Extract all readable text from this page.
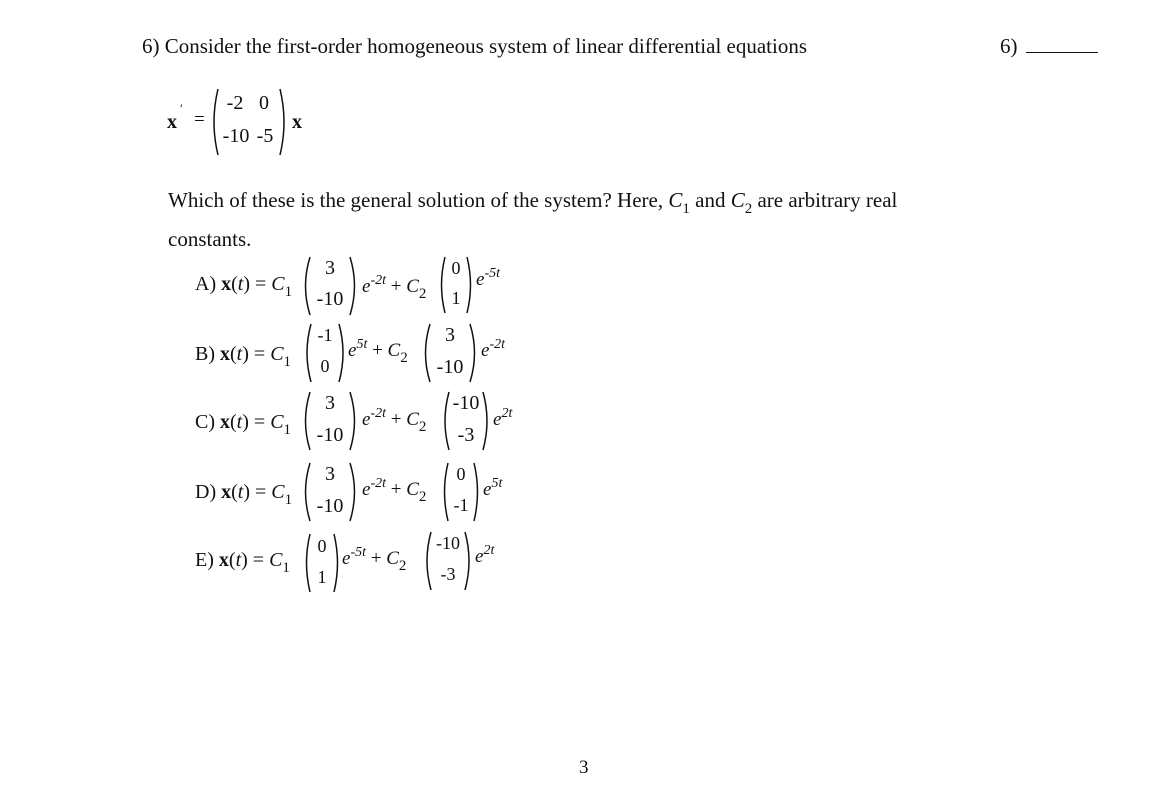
6) Consider the first-order homogeneous system of linear differential equations	6)
x
′
=
-2 0
-10 -5
x
Which of these is the general solution of the system? Here, $C_1$ and $C_2$ are arbitrary real
constants.
A) $x(t) = C_1$
3
-10
$e^{-2t} + C_2$
0
1
$e^{-5t}$
B) $x(t) = C_1$
-1
0
$e^{5t} + C_2$
3
-10
$e^{-2t}$
C) $x(t) = C_1$
3
-10
$e^{-2t} + C_2$
-10
-3
$e^{2t}$
D) $x(t) = C_1$
3
-10
$e^{-2t} + C_2$
0
-1
$e^{5t}$
E) $x(t) = C_1$
0
1
$e^{-5t} + C_2$
-10
-3
$e^{2t}$
3
